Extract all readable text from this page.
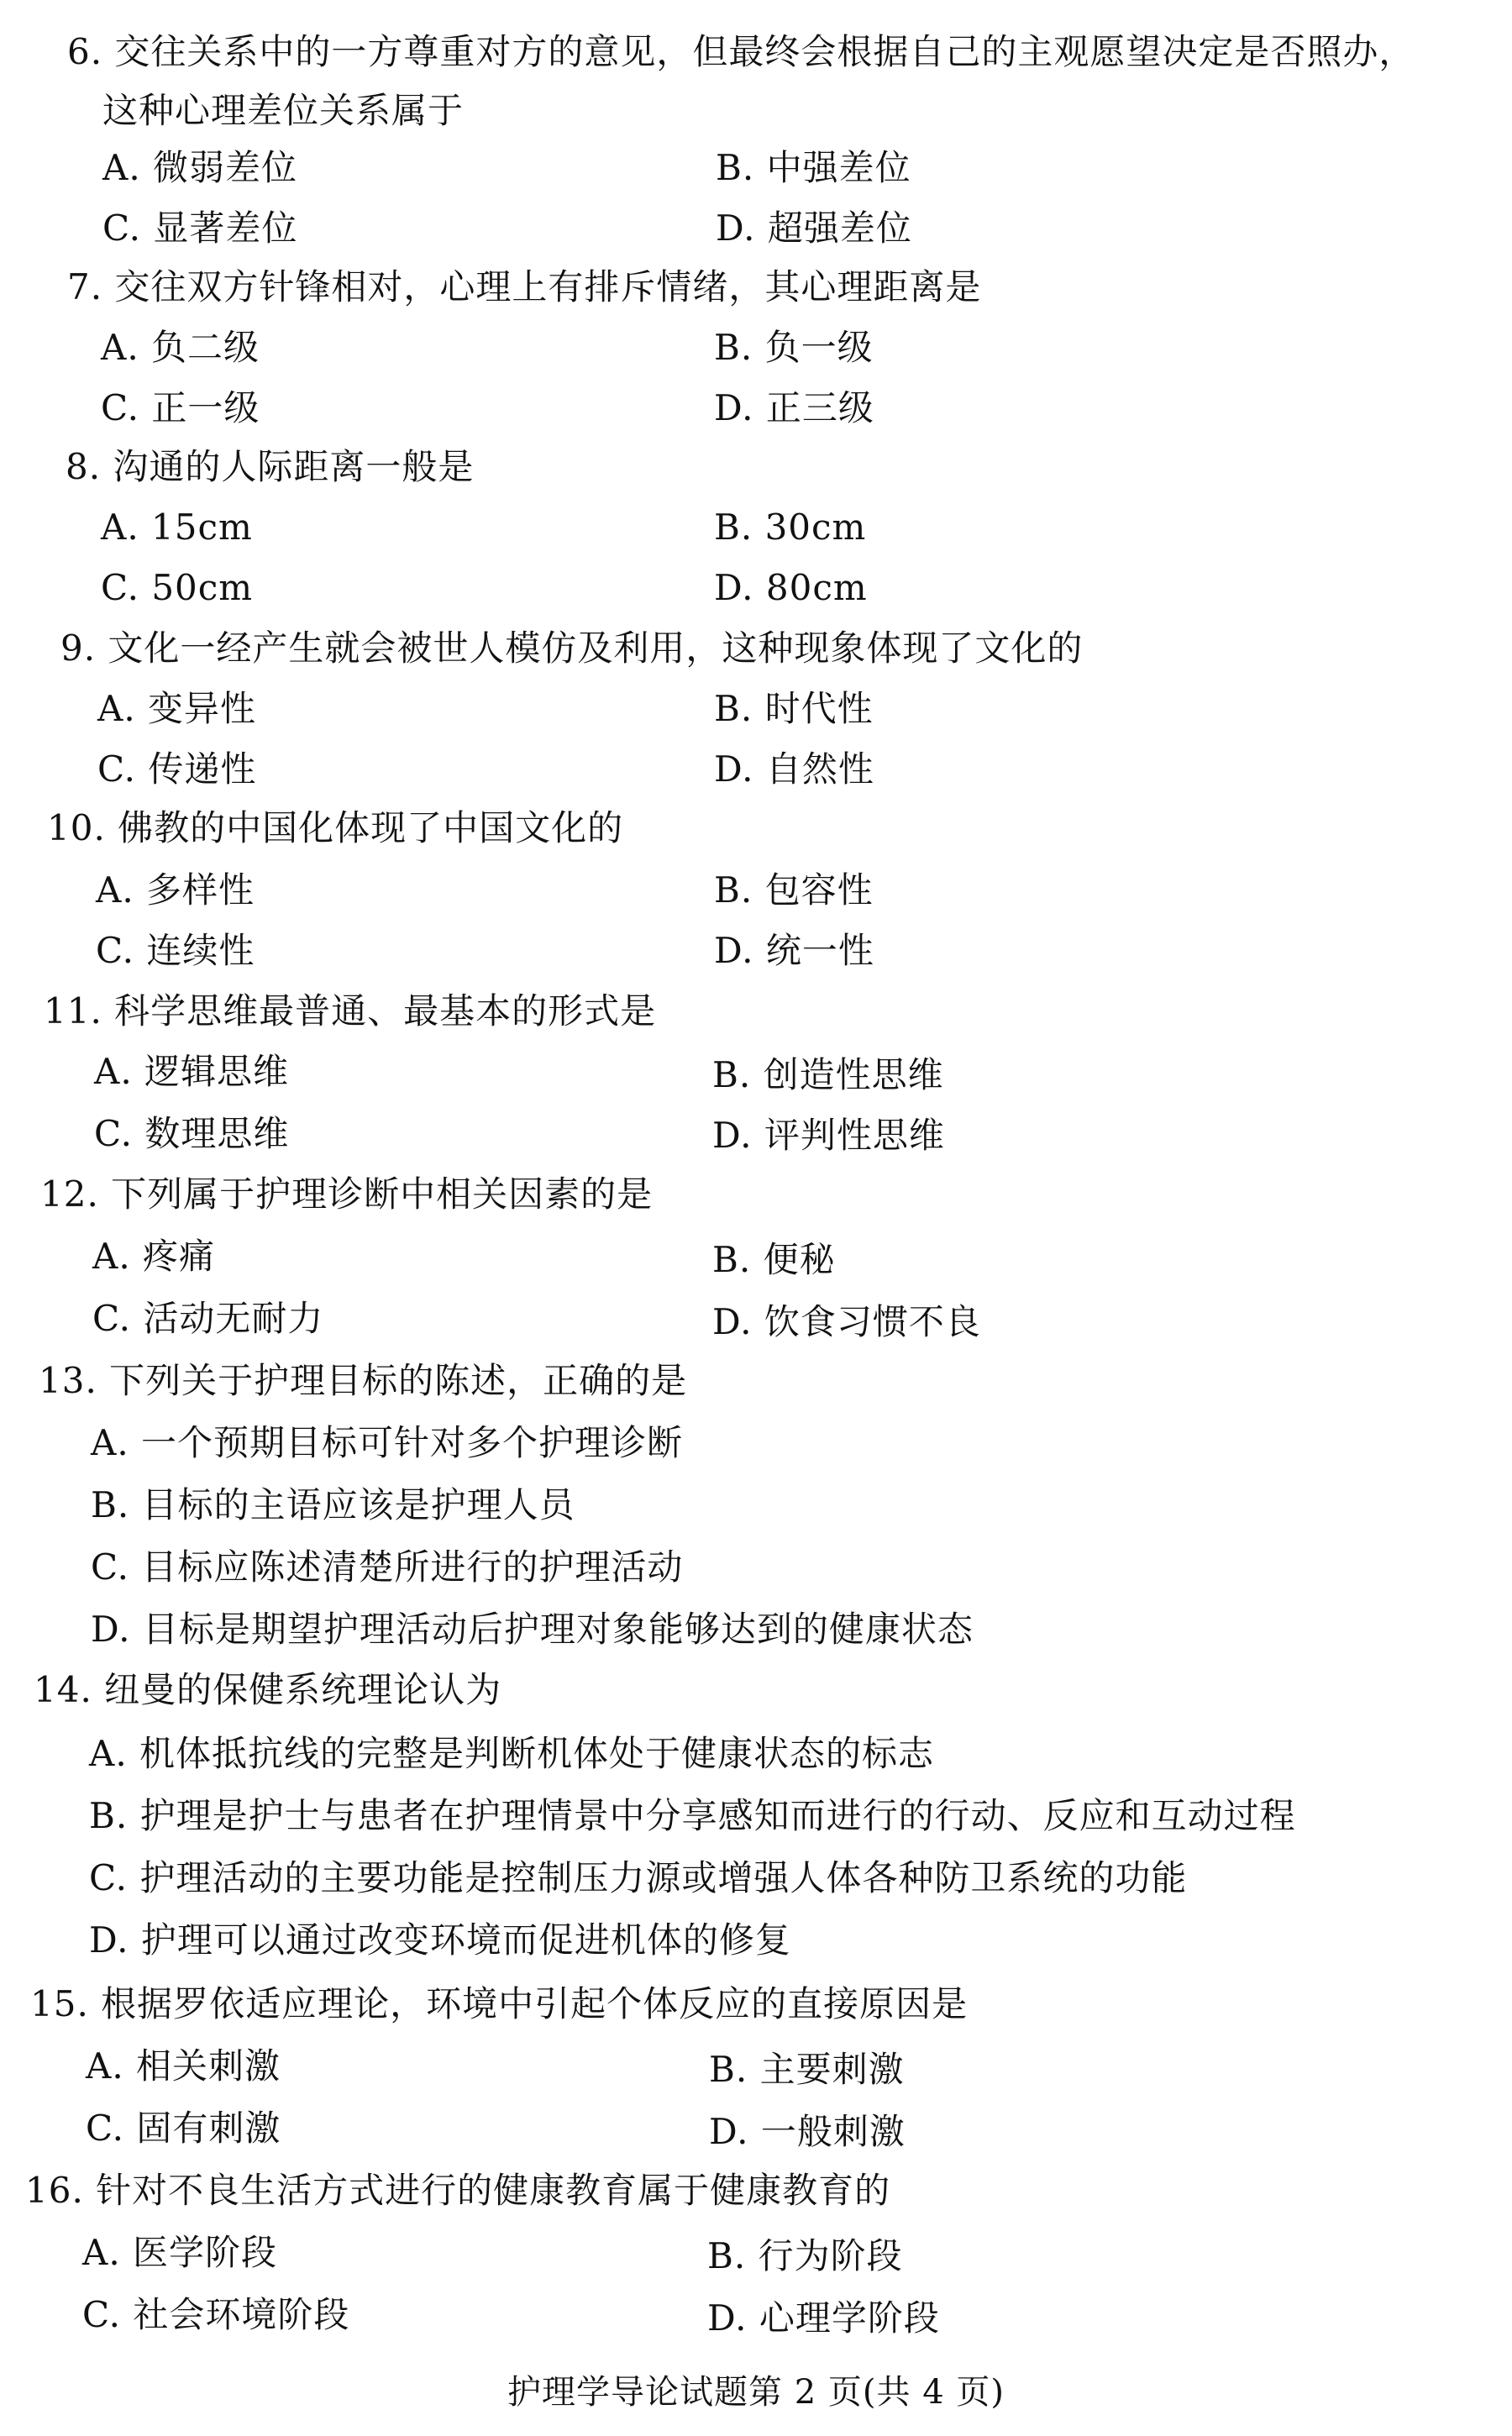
6. 交往关系中的一方尊重对方的意见，但最终会根据自己的主观愿望决定是否照办，
这种心理差位关系属于
A. 微弱差位	B. 中强差位
C. 显著差位	D. 超强差位
7. 交往双方针锋相对，心理上有排斥情绪，其心理距离是
A. 负二级	B. 负一级
C. 正一级	D. 正三级
8. 沟通的人际距离一般是
A. 15cm	B. 30cm
C. 50cm	D. 80cm
9. 文化一经产生就会被世人模仿及利用，这种现象体现了文化的
A. 变异性	B. 时代性
C. 传递性	D. 自然性
10. 佛教的中国化体现了中国文化的
A. 多样性	B. 包容性
C. 连续性	D. 统一性
11. 科学思维最普通、最基本的形式是
A. 逻辑思维	B. 创造性思维
C. 数理思维	D. 评判性思维
12. 下列属于护理诊断中相关因素的是
A. 疼痛	B. 便秘
C. 活动无耐力	D. 饮食习惯不良
13. 下列关于护理目标的陈述，正确的是
A. 一个预期目标可针对多个护理诊断
B. 目标的主语应该是护理人员
C. 目标应陈述清楚所进行的护理活动
D. 目标是期望护理活动后护理对象能够达到的健康状态
14. 纽曼的保健系统理论认为
A. 机体抵抗线的完整是判断机体处于健康状态的标志
B. 护理是护士与患者在护理情景中分享感知而进行的行动、反应和互动过程
C. 护理活动的主要功能是控制压力源或增强人体各种防卫系统的功能
D. 护理可以通过改变环境而促进机体的修复
15. 根据罗依适应理论，环境中引起个体反应的直接原因是
A. 相关刺激	B. 主要刺激
C. 固有刺激	D. 一般刺激
16. 针对不良生活方式进行的健康教育属于健康教育的
A. 医学阶段	B. 行为阶段
C. 社会环境阶段	D. 心理学阶段
护理学导论试题第 2 页(共 4 页)
